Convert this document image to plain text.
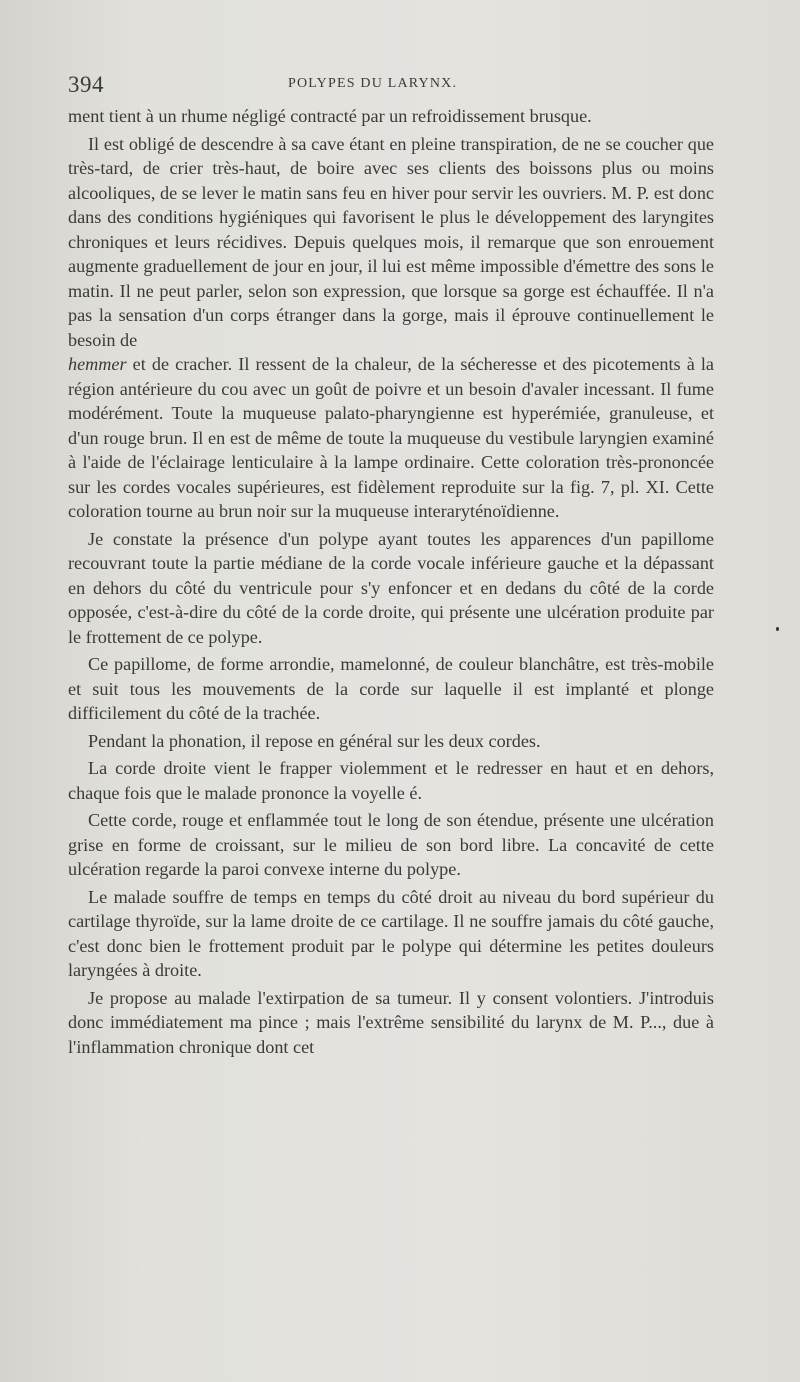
394	POLYPES DU LARYNX.

ment tient à un rhume négligé contracté par un refroidissement brusque.

Il est obligé de descendre à sa cave étant en pleine transpiration, de ne se coucher que très-tard, de crier très-haut, de boire avec ses clients des boissons plus ou moins alcooliques, de se lever le matin sans feu en hiver pour servir les ouvriers. M. P. est donc dans des conditions hygiéniques qui favorisent le plus le développement des laryngites chroniques et leurs récidives. Depuis quelques mois, il remarque que son enrouement augmente graduellement de jour en jour, il lui est même impossible d'émettre des sons le matin. Il ne peut parler, selon son expression, que lorsque sa gorge est échauffée. Il n'a pas la sensation d'un corps étranger dans la gorge, mais il éprouve continuellement le besoin de

hemmer et de cracher. Il ressent de la chaleur, de la sécheresse et des picotements à la région antérieure du cou avec un goût de poivre et un besoin d'avaler incessant. Il fume modérément. Toute la muqueuse palato-pharyngienne est hyperémiée, granuleuse, et d'un rouge brun. Il en est de même de toute la muqueuse du vestibule laryngien examiné à l'aide de l'éclairage lenticulaire à la lampe ordinaire. Cette coloration très-prononcée sur les cordes vocales supérieures, est fidèlement reproduite sur la fig. 7, pl. XI. Cette coloration tourne au brun noir sur la muqueuse interaryténoïdienne.

Je constate la présence d'un polype ayant toutes les apparences d'un papillome recouvrant toute la partie médiane de la corde vocale inférieure gauche et la dépassant en dehors du côté du ventricule pour s'y enfoncer et en dedans du côté de la corde opposée, c'est-à-dire du côté de la corde droite, qui présente une ulcération produite par le frottement de ce polype.

Ce papillome, de forme arrondie, mamelonné, de couleur blanchâtre, est très-mobile et suit tous les mouvements de la corde sur laquelle il est implanté et plonge difficilement du côté de la trachée.

Pendant la phonation, il repose en général sur les deux cordes.

La corde droite vient le frapper violemment et le redresser en haut et en dehors, chaque fois que le malade prononce la voyelle é.

Cette corde, rouge et enflammée tout le long de son étendue, présente une ulcération grise en forme de croissant, sur le milieu de son bord libre. La concavité de cette ulcération regarde la paroi convexe interne du polype.

Le malade souffre de temps en temps du côté droit au niveau du bord supérieur du cartilage thyroïde, sur la lame droite de ce cartilage. Il ne souffre jamais du côté gauche, c'est donc bien le frottement produit par le polype qui détermine les petites douleurs laryngées à droite.

Je propose au malade l'extirpation de sa tumeur. Il y consent volontiers. J'introduis donc immédiatement ma pince ; mais l'extrême sensibilité du larynx de M. P..., due à l'inflammation chronique dont cet
